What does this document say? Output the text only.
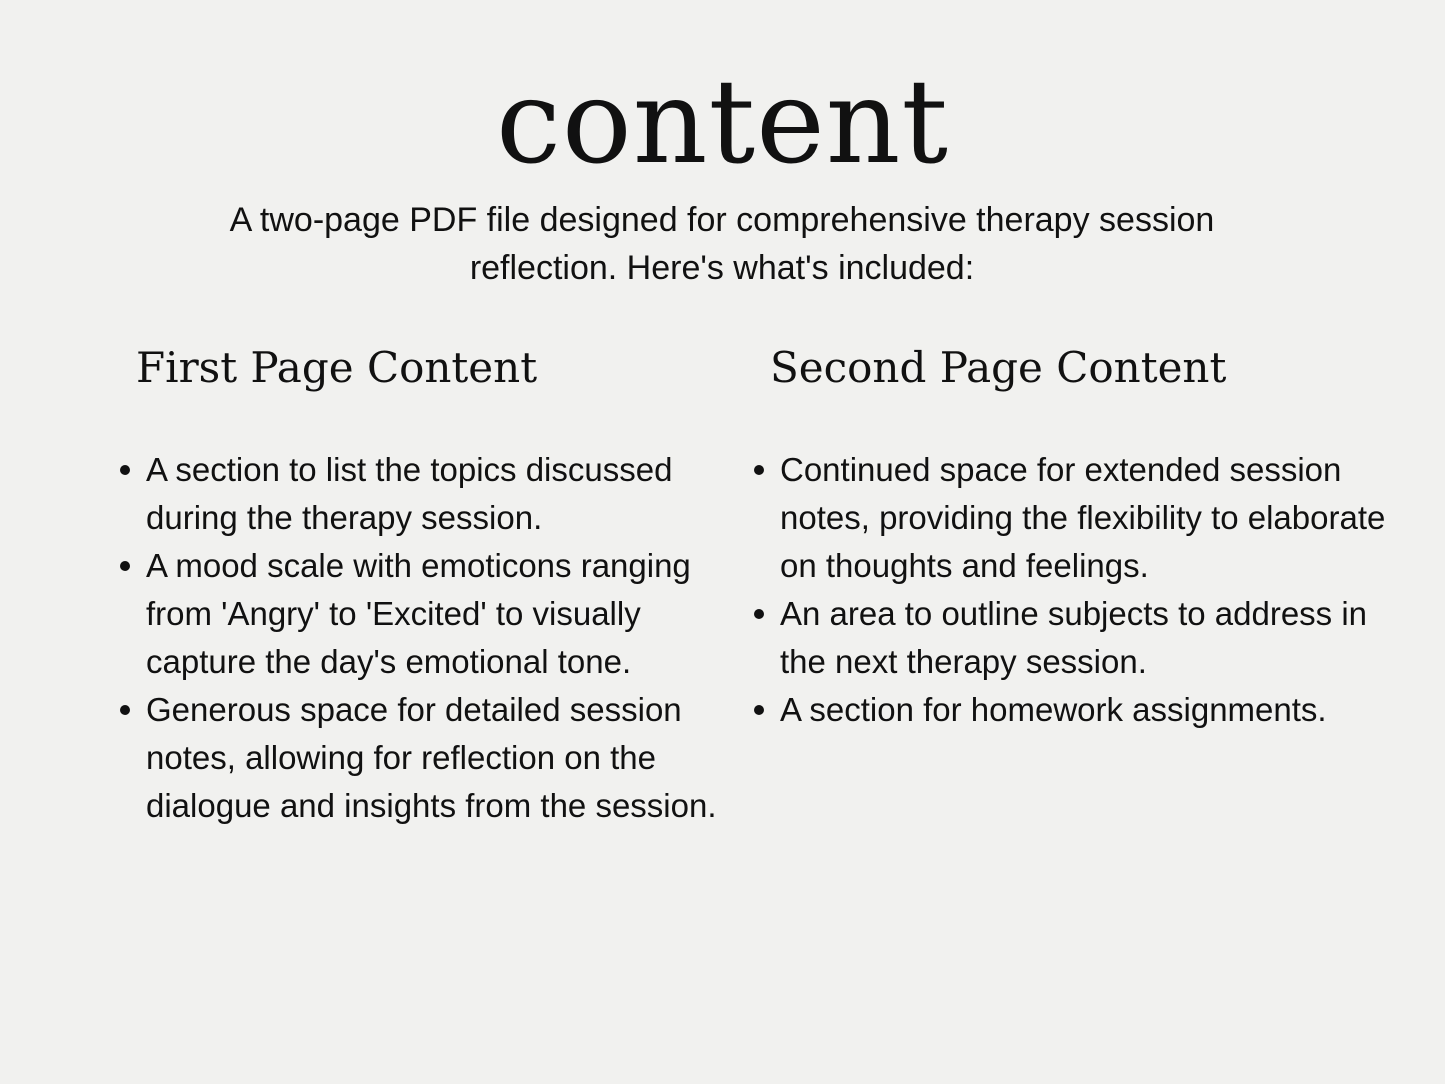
content

A two-page PDF file designed for comprehensive therapy session reflection. Here's what's included:

First Page Content
A section to list the topics discussed during the therapy session.
A mood scale with emoticons ranging from 'Angry' to 'Excited' to visually capture the day's emotional tone.
Generous space for detailed session notes, allowing for reflection on the dialogue and insights from the session.
Second Page Content
Continued space for extended session notes, providing the flexibility to elaborate on thoughts and feelings.
An area to outline subjects to address in the next therapy session.
A section for homework assignments.
